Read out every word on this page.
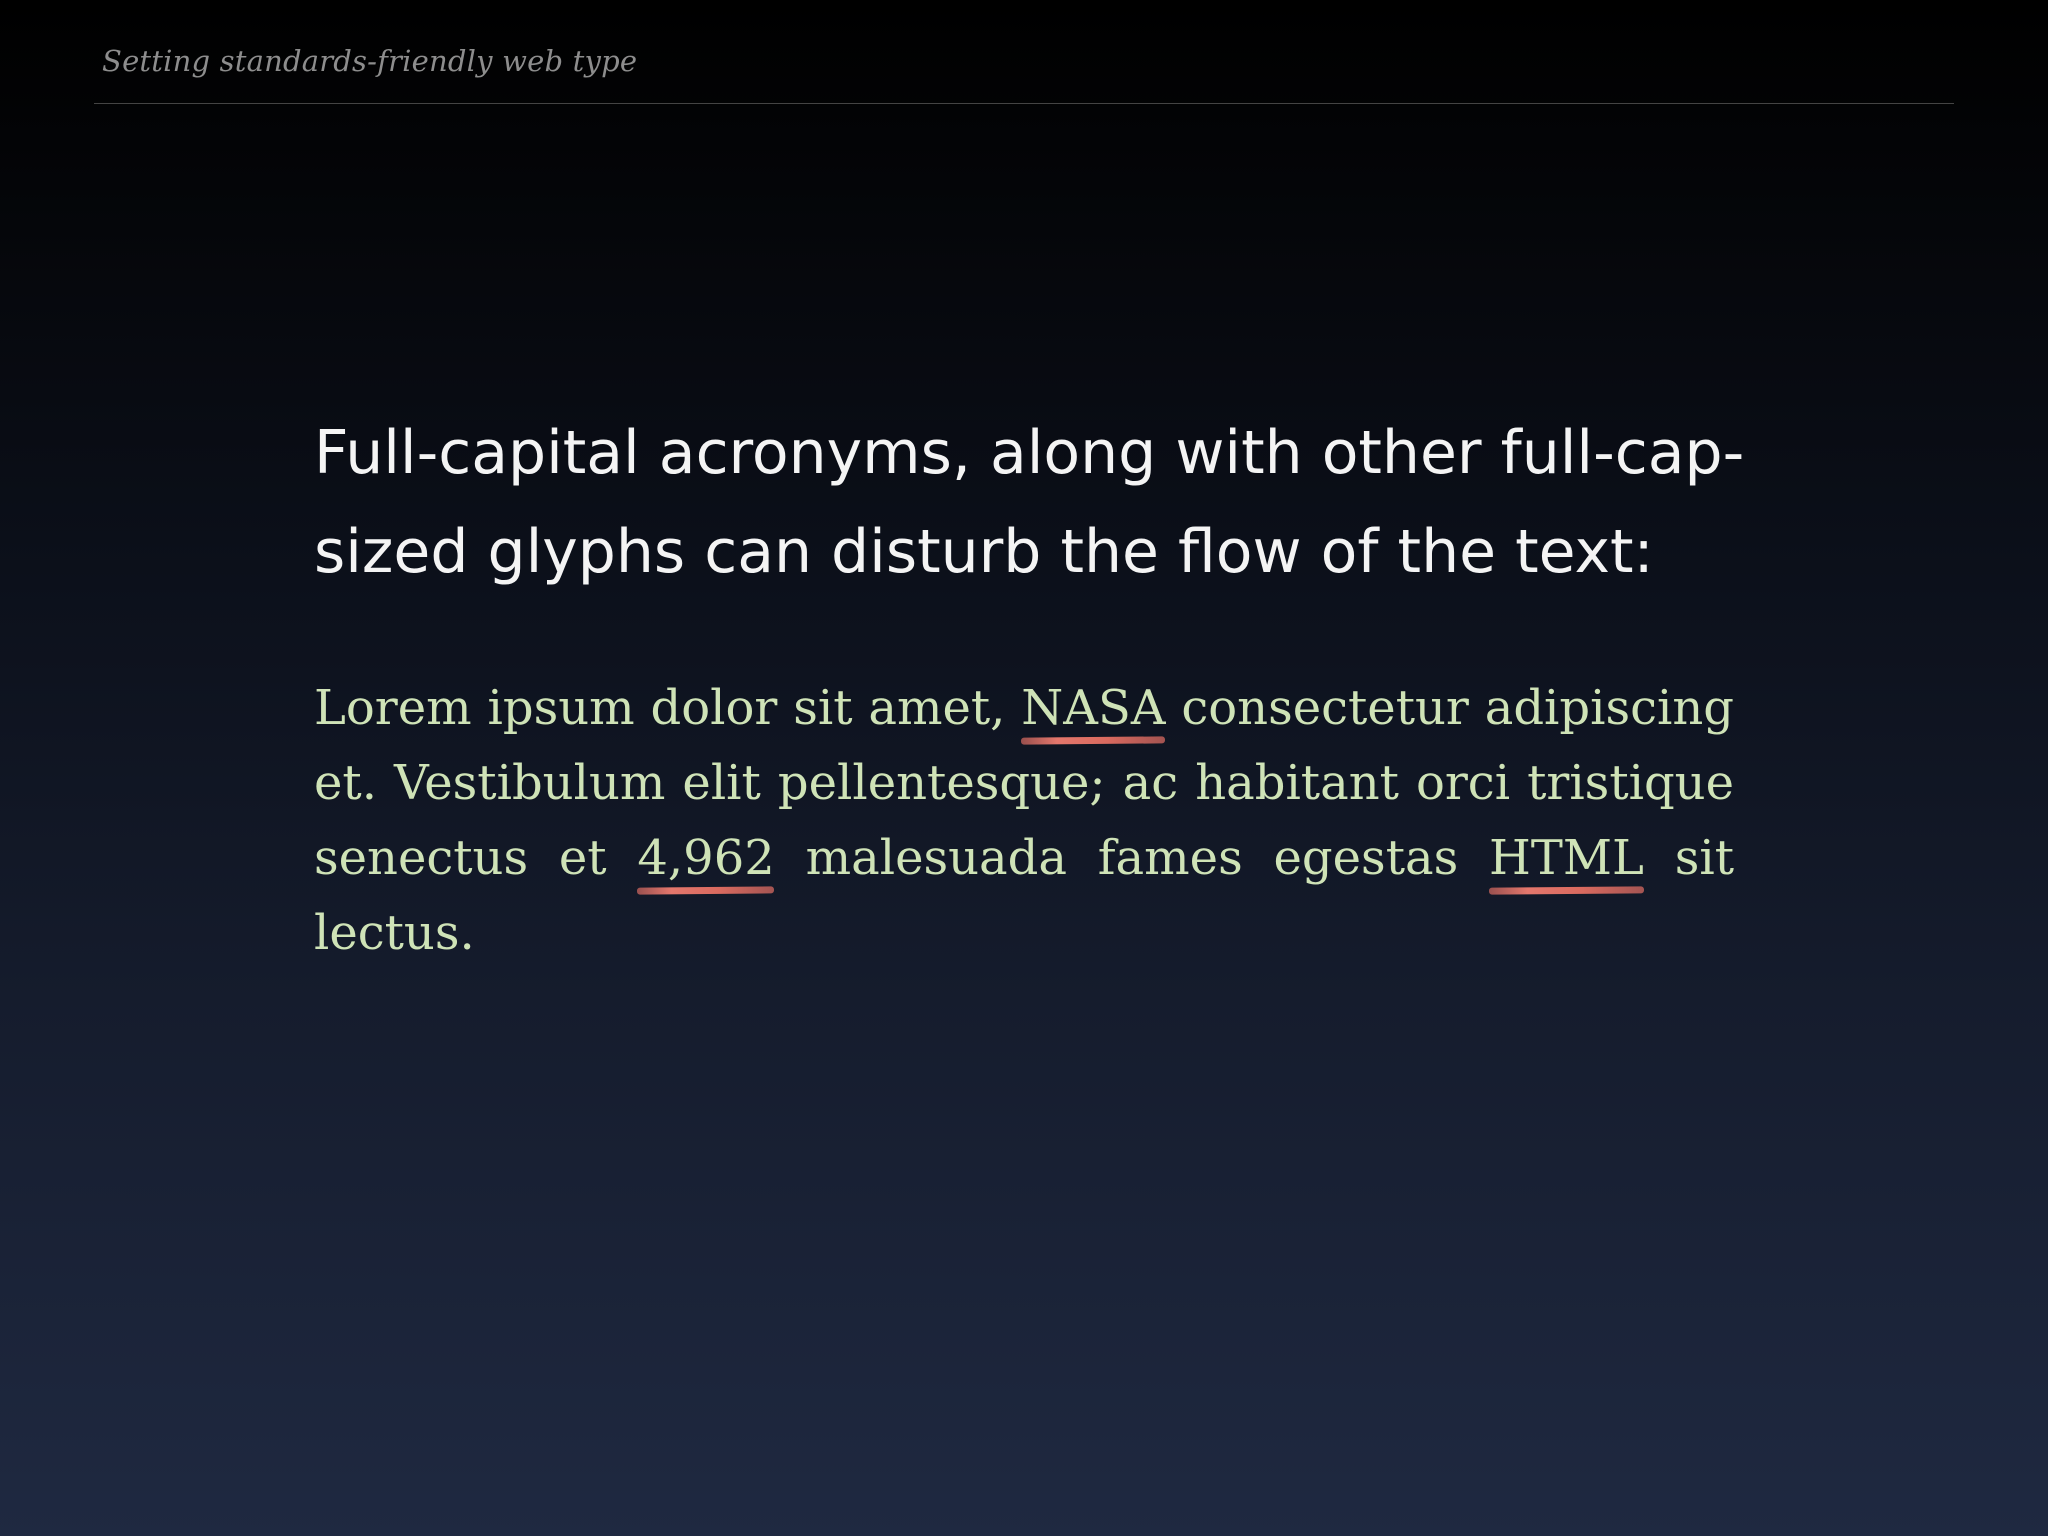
Setting standards-friendly web type
Full-capital acronyms, along with other full-cap-
sized glyphs can disturb the flow of the text:

Lorem ipsum dolor sit amet, NASA
consectetur adipiscing et. Vestibulum elit pellentesque; ac habitant orci tristique senectus et 4,962
malesuada fames egestas HTML
sit lectus.
